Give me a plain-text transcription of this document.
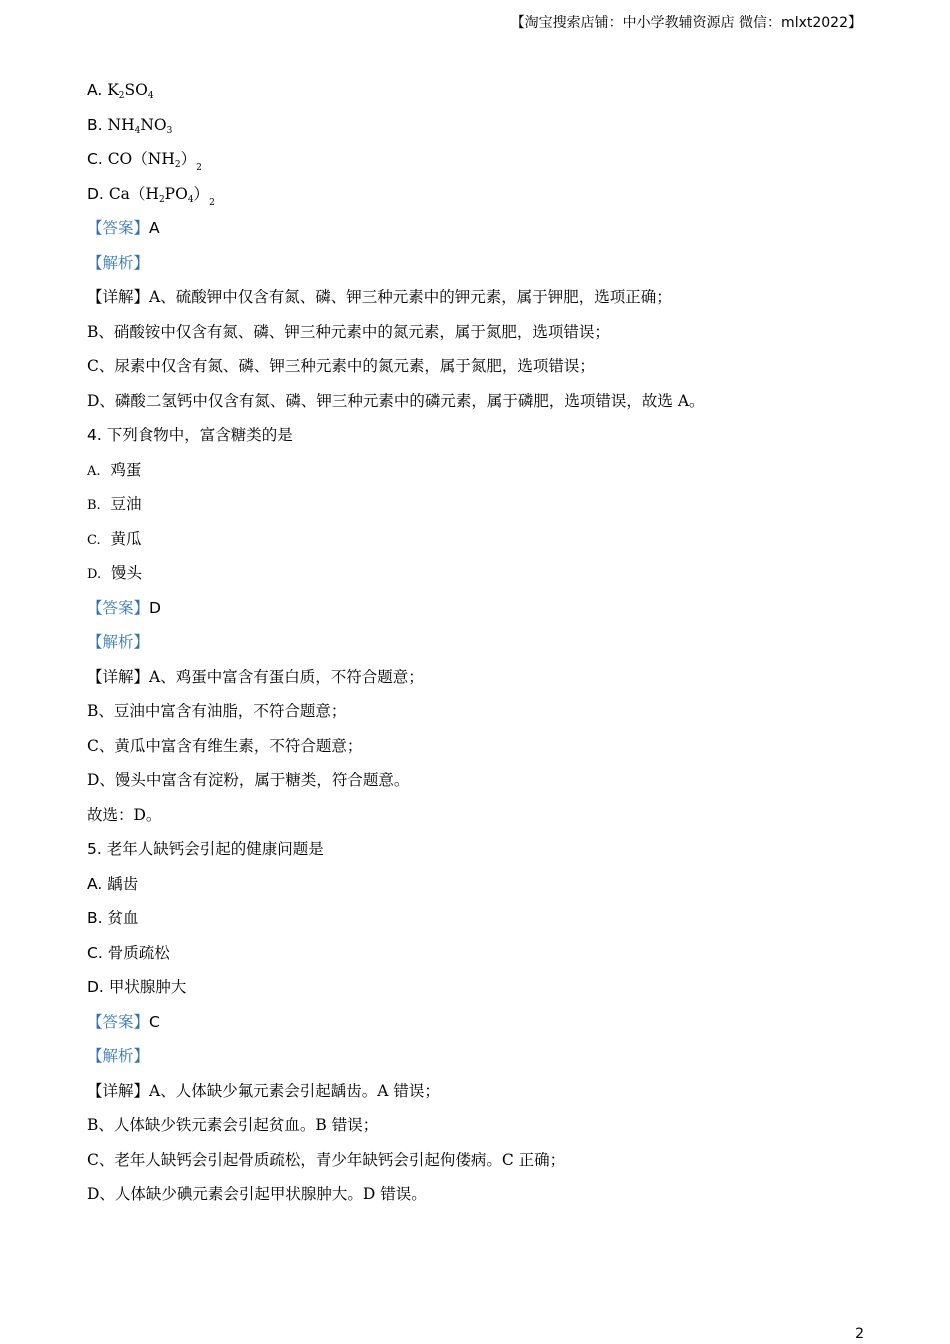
【淘宝搜索店铺：中小学教辅资源店 微信：mlxt2022】
A. $K_2SO_4$
B. $NH_4NO_3$
C. $CO(NH_2)_2$
D. $Ca(H_2PO_4)_2$
【答案】A
【解析】
【详解】A、硫酸钾中仅含有氮、磷、钾三种元素中的钾元素，属于钾肥，选项正确；
B、硝酸铵中仅含有氮、磷、钾三种元素中的氮元素，属于氮肥，选项错误；
C、尿素中仅含有氮、磷、钾三种元素中的氮元素，属于氮肥，选项错误；
D、磷酸二氢钙中仅含有氮、磷、钾三种元素中的磷元素，属于磷肥，选项错误，故选 A。
4. 下列食物中，富含糖类的是
A. 鸡蛋
B. 豆油
C. 黄瓜
D. 馒头
【答案】D
【解析】
【详解】A、鸡蛋中富含有蛋白质，不符合题意；
B、豆油中富含有油脂，不符合题意；
C、黄瓜中富含有维生素，不符合题意；
D、馒头中富含有淀粉，属于糖类，符合题意。
故选：D。
5. 老年人缺钙会引起的健康问题是
A. 龋齿
B. 贫血
C. 骨质疏松
D. 甲状腺肿大
【答案】C
【解析】
【详解】A、人体缺少氟元素会引起龋齿。A 错误；
B、人体缺少铁元素会引起贫血。B 错误；
C、老年人缺钙会引起骨质疏松，青少年缺钙会引起佝偻病。C 正确；
D、人体缺少碘元素会引起甲状腺肿大。D 错误。
2
